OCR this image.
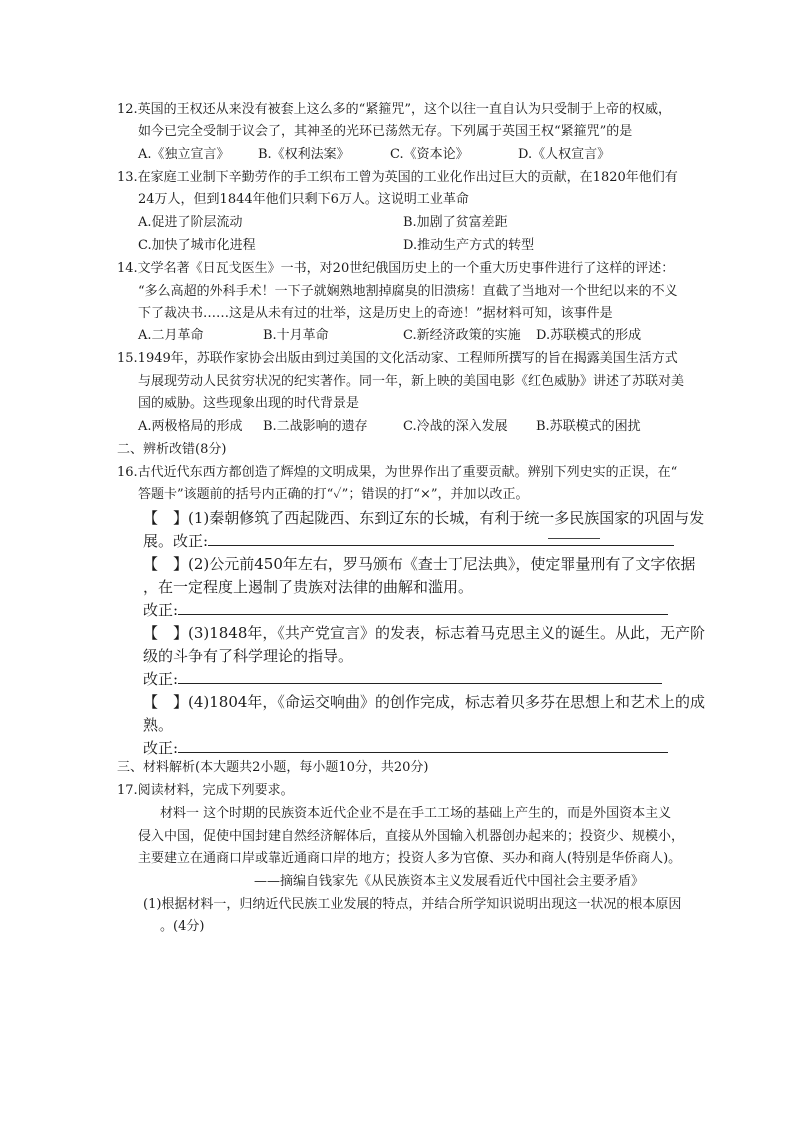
12.英国的王权还从来没有被套上这么多的“紧箍咒”，这个以往一直自认为只受制于上帝的权威，
如今已完全受制于议会了，其神圣的光环已荡然无存。下列属于英国王权“紧箍咒”的是
A.《独立宣言》 B.《权利法案》	C.《资本论》	D.《人权宣言》
13.在家庭工业制下辛勤劳作的手工织布工曾为英国的工业化作出过巨大的贡献，在1820年他们有
24万人，但到1844年他们只剩下6万人。这说明工业革命
A.促进了阶层流动	B.加剧了贫富差距
C.加快了城市化进程	D.推动生产方式的转型
14.文学名著《日瓦戈医生》一书，对20世纪俄国历史上的一个重大历史事件进行了这样的评述：
“多么高超的外科手术！一下子就娴熟地割掉腐臭的旧溃疡！直截了当地对一个世纪以来的不义
下了裁决书……这是从未有过的壮举，这是历史上的奇迹！”据材料可知，该事件是
A.二月革命	B.十月革命	C.新经济政策的实施 D.苏联模式的形成
15.1949年，苏联作家协会出版由到过美国的文化活动家、工程师所撰写的旨在揭露美国生活方式
与展现劳动人民贫穷状况的纪实著作。同一年，新上映的美国电影《红色威胁》讲述了苏联对美
国的威胁。这些现象出现的时代背景是
A.两极格局的形成 B.二战影响的遗存	C.冷战的深入发展 B.苏联模式的困扰
二、辨析改错(8分)
16.古代近代东西方都创造了辉煌的文明成果，为世界作出了重要贡献。辨别下列史实的正误，在“
答题卡”该题前的括号内正确的打“✓”；错误的打“×”，并加以改正。
【　】(1)秦朝修筑了西起陇西、东到辽东的长城，有利于统一多民族国家的巩固与发
展。改正:
【　】(2)公元前450年左右，罗马颁布《查士丁尼法典》，使定罪量刑有了文字依据
，在一定程度上遏制了贵族对法律的曲解和滥用。
改正:
【　】(3)1848年，《共产党宣言》的发表，标志着马克思主义的诞生。从此，无产阶
级的斗争有了科学理论的指导。
改正:
【　】(4)1804年，《命运交响曲》的创作完成，标志着贝多芬在思想上和艺术上的成
熟。
改正:
三、材料解析(本大题共2小题，每小题10分，共20分)
17.阅读材料，完成下列要求。
材料一 这个时期的民族资本近代企业不是在手工工场的基础上产生的，而是外国资本主义
侵入中国，促使中国封建自然经济解体后，直接从外国输入机器创办起来的；投资少、规模小，
主要建立在通商口岸或靠近通商口岸的地方；投资人多为官僚、买办和商人(特别是华侨商人)。
——摘编自钱家先《从民族资本主义发展看近代中国社会主要矛盾》
(1)根据材料一，归纳近代民族工业发展的特点，并结合所学知识说明出现这一状况的根本原因
。(4分)
